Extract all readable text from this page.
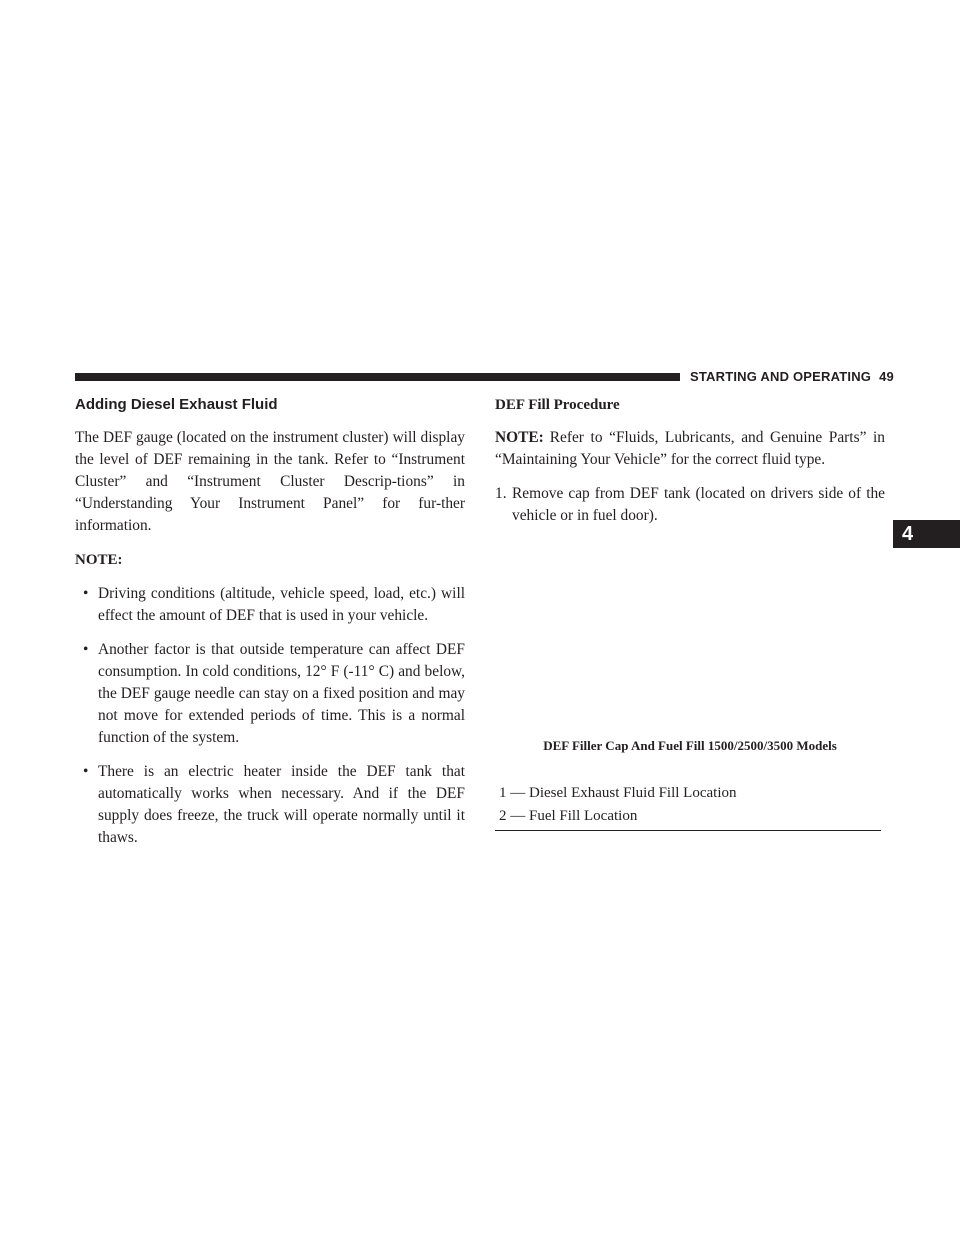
STARTING AND OPERATING 49
4
Adding Diesel Exhaust Fluid

The DEF gauge (located on the instrument cluster) will display the level of DEF remaining in the tank. Refer to “Instrument Cluster” and “Instrument Cluster Descrip-tions” in “Understanding Your Instrument Panel” for fur-ther information.

NOTE:
• Driving conditions (altitude, vehicle speed, load, etc.) will effect the amount of DEF that is used in your vehicle.
• Another factor is that outside temperature can affect DEF consumption. In cold conditions, 12° F (-11° C) and below, the DEF gauge needle can stay on a fixed position and may not move for extended periods of time. This is a normal function of the system.
• There is an electric heater inside the DEF tank that automatically works when necessary. And if the DEF supply does freeze, the truck will operate normally until it thaws.
DEF Fill Procedure
NOTE: Refer to “Fluids, Lubricants, and Genuine Parts” in “Maintaining Your Vehicle” for the correct fluid type.
1. Remove cap from DEF tank (located on drivers side of the vehicle or in fuel door).
DEF Filler Cap And Fuel Fill 1500/2500/3500 Models
1 — Diesel Exhaust Fluid Fill Location
2 — Fuel Fill Location
